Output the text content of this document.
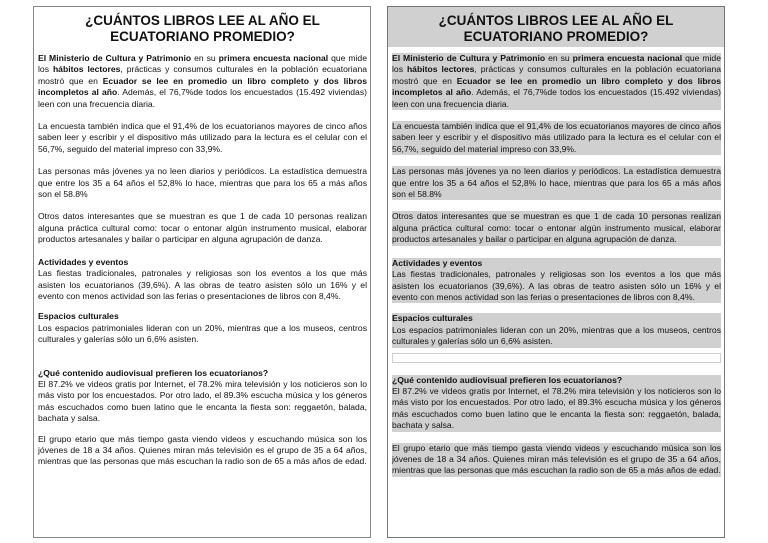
¿CUÁNTOS LIBROS LEE AL AÑO EL ECUATORIANO PROMEDIO?
El Ministerio de Cultura y Patrimonio en su primera encuesta nacional que mide los hábitos lectores, prácticas y consumos culturales en la población ecuatoriana mostró que en Ecuador se lee en promedio un libro completo y dos libros incompletos al año. Además, el 76,7%de todos los encuestados (15.492 viviendas) leen con una frecuencia diaria.
La encuesta también indica que el 91,4% de los ecuatorianos mayores de cinco años saben leer y escribir y el dispositivo más utilizado para la lectura es el celular con el 56,7%, seguido del material impreso con 33,9%.
Las personas más jóvenes ya no leen diarios y periódicos. La estadística demuestra que entre los 35 a 64 años el 52,8% lo hace, mientras que para los 65 a más años son el 58.8%
Otros datos interesantes que se muestran es que 1 de cada 10 personas realizan alguna práctica cultural como: tocar o entonar algún instrumento musical, elaborar productos artesanales y bailar o participar en alguna agrupación de danza.
Actividades y eventos
Las fiestas tradicionales, patronales y religiosas son los eventos a los que más asisten los ecuatorianos (39,6%). A las obras de teatro asisten sólo un 16% y el evento con menos actividad son las ferias o presentaciones de libros con 8,4%.
Espacios culturales
Los espacios patrimoniales lideran con un 20%, mientras que a los museos, centros culturales y galerías sólo un 6,6% asisten.
¿Qué contenido audiovisual prefieren los ecuatorianos?
El 87.2% ve videos gratis por Internet, el 78.2% mira televisión y los noticieros son lo más visto por los encuestados. Por otro lado, el 89.3% escucha música y los géneros más escuchados como buen latino que le encanta la fiesta son: reggaetón, balada, bachata y salsa.
El grupo etario que más tiempo gasta viendo videos y escuchando música son los jóvenes de 18 a 34 años. Quienes miran más televisión es el grupo de 35 a 64 años, mientras que las personas que más escuchan la radio son de 65 a más años de edad.
¿CUÁNTOS LIBROS LEE AL AÑO EL ECUATORIANO PROMEDIO?
El Ministerio de Cultura y Patrimonio en su primera encuesta nacional que mide los hábitos lectores, prácticas y consumos culturales en la población ecuatoriana mostró que en Ecuador se lee en promedio un libro completo y dos libros incompletos al año. Además, el 76,7%de todos los encuestados (15.492 viviendas) leen con una frecuencia diaria.
La encuesta también indica que el 91,4% de los ecuatorianos mayores de cinco años saben leer y escribir y el dispositivo más utilizado para la lectura es el celular con el 56,7%, seguido del material impreso con 33,9%.
Las personas más jóvenes ya no leen diarios y periódicos. La estadística demuestra que entre los 35 a 64 años el 52,8% lo hace, mientras que para los 65 a más años son el 58.8%
Otros datos interesantes que se muestran es que 1 de cada 10 personas realizan alguna práctica cultural como: tocar o entonar algún instrumento musical, elaborar productos artesanales y bailar o participar en alguna agrupación de danza.
Actividades y eventos
Las fiestas tradicionales, patronales y religiosas son los eventos a los que más asisten los ecuatorianos (39,6%). A las obras de teatro asisten sólo un 16% y el evento con menos actividad son las ferias o presentaciones de libros con 8,4%.
Espacios culturales
Los espacios patrimoniales lideran con un 20%, mientras que a los museos, centros culturales y galerías sólo un 6,6% asisten.
¿Qué contenido audiovisual prefieren los ecuatorianos?
El 87.2% ve videos gratis por Internet, el 78.2% mira televisión y los noticieros son lo más visto por los encuestados. Por otro lado, el 89.3% escucha música y los géneros más escuchados como buen latino que le encanta la fiesta son: reggaetón, balada, bachata y salsa.
El grupo etario que más tiempo gasta viendo videos y escuchando música son los jóvenes de 18 a 34 años. Quienes miran más televisión es el grupo de 35 a 64 años, mientras que las personas que más escuchan la radio son de 65 a más años de edad.
